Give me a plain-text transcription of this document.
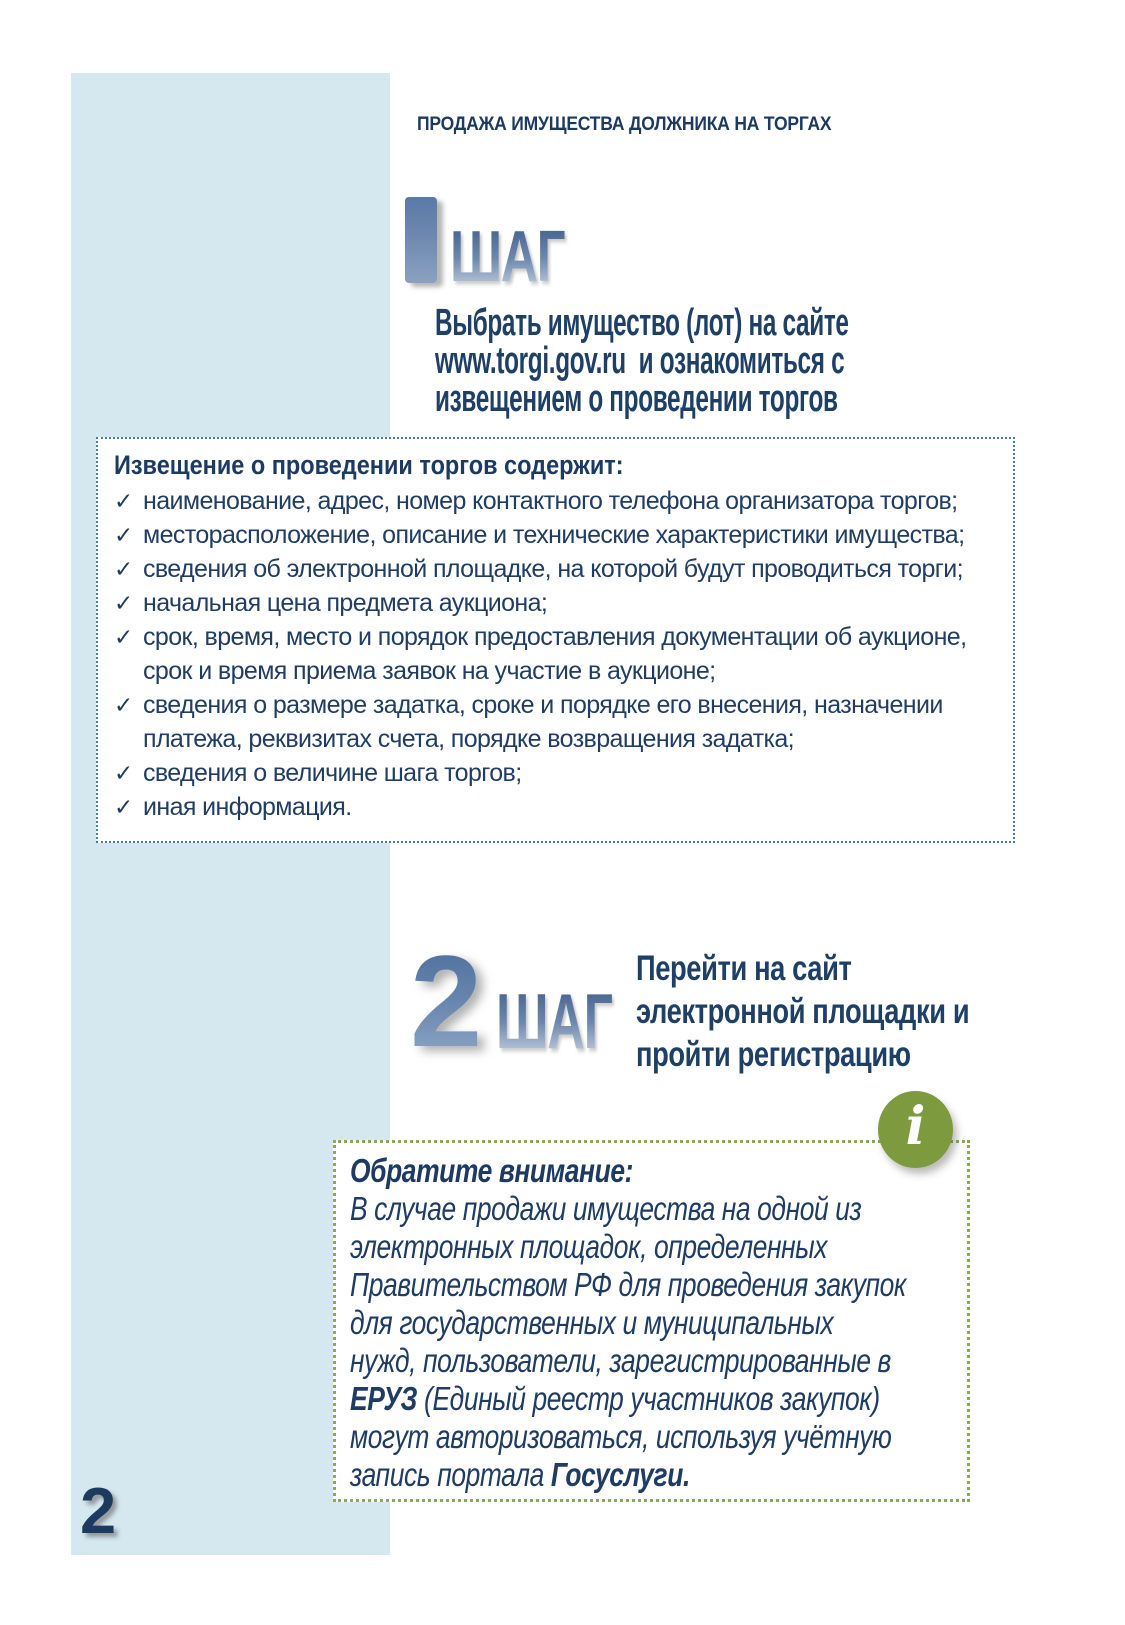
ПРОДАЖА ИМУЩЕСТВА ДОЛЖНИКА НА ТОРГАХ
ШАГ
Выбрать имущество (лот) на сайте
www.torgi.gov.ru  и ознакомиться с
извещением о проведении торгов
Извещение о проведении торгов содержит:
✓ наименование, адрес, номер контактного телефона организатора торгов;
✓ месторасположение, описание и технические характеристики имущества;
✓ сведения об электронной площадке, на которой будут проводиться торги;
✓ начальная цена предмета аукциона;
✓ срок, время, место и порядок предоставления документации об аукционе,
срок и время приема заявок на участие в аукционе;
✓ сведения о размере задатка, сроке и порядке его внесения, назначении
платежа, реквизитах счета, порядке возвращения задатка;
✓ сведения о величине шага торгов;
✓ иная информация.
2 ШАГ
Перейти на сайт
электронной площадки и
пройти регистрацию
i
Обратите внимание:
В случае продажи имущества на одной из
электронных площадок, определенных
Правительством РФ для проведения закупок
для государственных и муниципальных
нужд, пользователи, зарегистрированные в
ЕРУЗ (Единый реестр участников закупок)
могут авторизоваться, используя учётную
запись портала Госуслуги.
2
